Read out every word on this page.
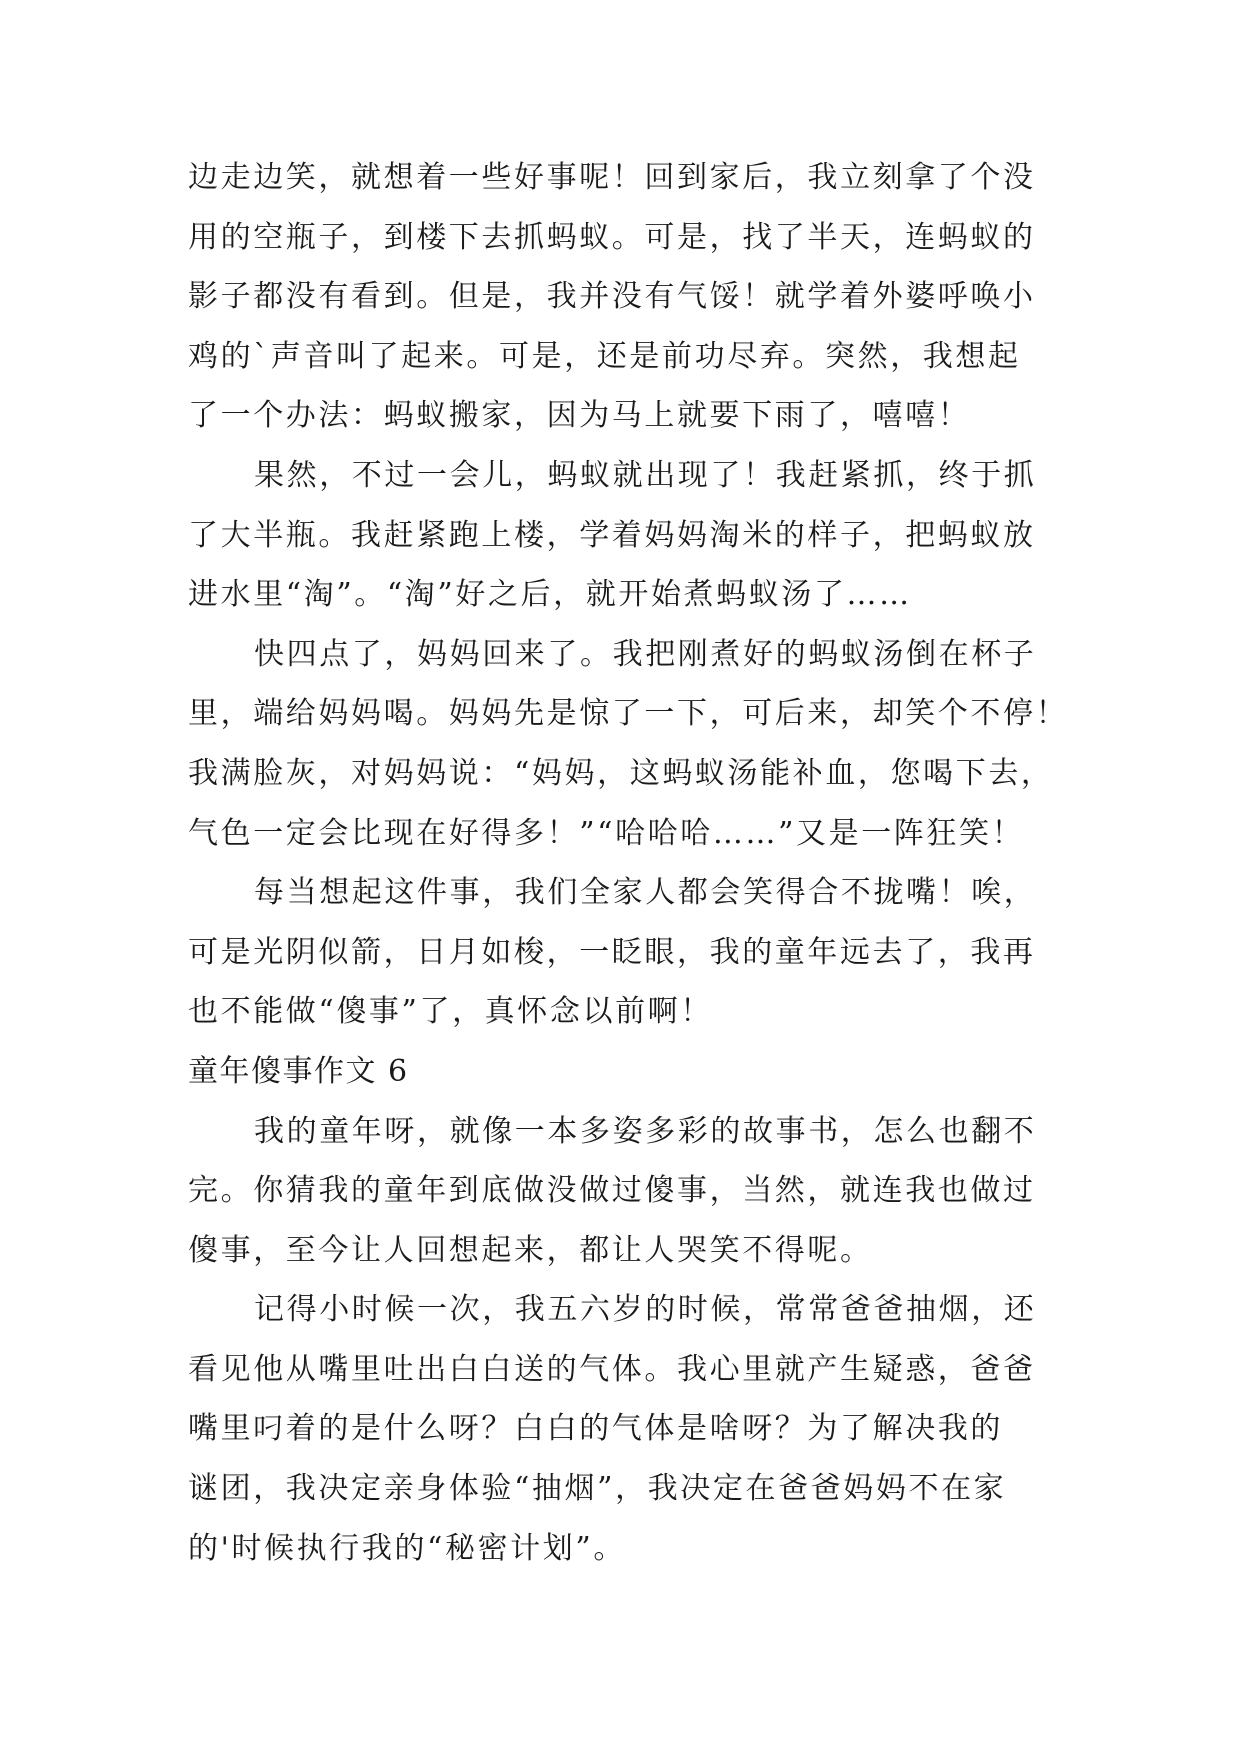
边走边笑，就想着一些好事呢！回到家后，我立刻拿了个没
用的空瓶子，到楼下去抓蚂蚁。可是，找了半天，连蚂蚁的
影子都没有看到。但是，我并没有气馁！就学着外婆呼唤小
鸡的`声音叫了起来。可是，还是前功尽弃。突然，我想起
了一个办法：蚂蚁搬家，因为马上就要下雨了，嘻嘻！
果然，不过一会儿，蚂蚁就出现了！我赶紧抓，终于抓
了大半瓶。我赶紧跑上楼，学着妈妈淘米的样子，把蚂蚁放
进水里“淘”。“淘”好之后，就开始煮蚂蚁汤了……
快四点了，妈妈回来了。我把刚煮好的蚂蚁汤倒在杯子
里，端给妈妈喝。妈妈先是惊了一下，可后来，却笑个不停！
我满脸灰，对妈妈说：“妈妈，这蚂蚁汤能补血，您喝下去，
气色一定会比现在好得多！”“哈哈哈……”又是一阵狂笑！
每当想起这件事，我们全家人都会笑得合不拢嘴！唉，
可是光阴似箭，日月如梭，一眨眼，我的童年远去了，我再
也不能做“傻事”了，真怀念以前啊！
童年傻事作文 6
我的童年呀，就像一本多姿多彩的故事书，怎么也翻不
完。你猜我的童年到底做没做过傻事，当然，就连我也做过
傻事，至今让人回想起来，都让人哭笑不得呢。
记得小时候一次，我五六岁的时候，常常爸爸抽烟，还
看见他从嘴里吐出白白送的气体。我心里就产生疑惑，爸爸
嘴里叼着的是什么呀？白白的气体是啥呀？为了解决我的
谜团，我决定亲身体验“抽烟”，我决定在爸爸妈妈不在家
的'时候执行我的“秘密计划”。
